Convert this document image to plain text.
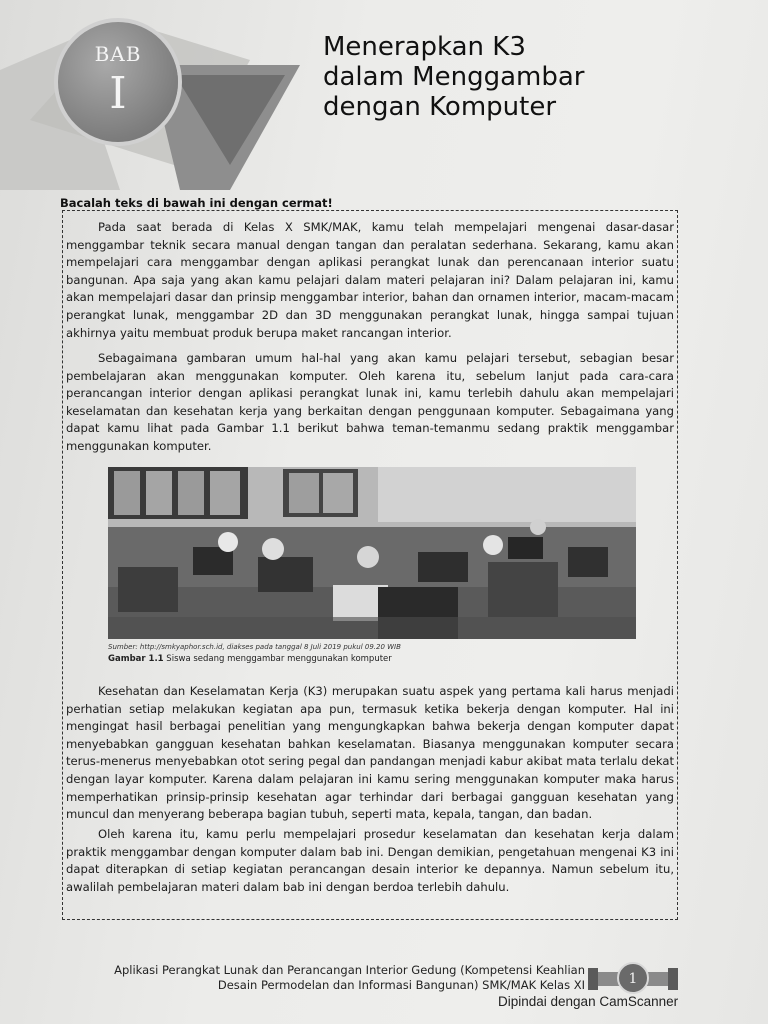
BAB
I
Menerapkan K3
dalam Menggambar
dengan Komputer
Bacalah teks di bawah ini dengan cermat!
Pada saat berada di Kelas X SMK/MAK, kamu telah mempelajari mengenai dasar-dasar menggambar teknik secara manual dengan tangan dan peralatan sederhana. Sekarang, kamu akan mempelajari cara menggambar dengan aplikasi perangkat lunak dan perencanaan interior suatu bangunan. Apa saja yang akan kamu pelajari dalam materi pelajaran ini? Dalam pelajaran ini, kamu akan mempelajari dasar dan prinsip menggambar interior, bahan dan ornamen interior, macam-macam perangkat lunak, menggambar 2D dan 3D menggunakan perangkat lunak, hingga sampai tujuan akhirnya yaitu membuat produk berupa maket rancangan interior.
Sebagaimana gambaran umum hal-hal yang akan kamu pelajari tersebut, sebagian besar pembelajaran akan menggunakan komputer. Oleh karena itu, sebelum lanjut pada cara-cara perancangan interior dengan aplikasi perangkat lunak ini, kamu terlebih dahulu akan mempelajari keselamatan dan kesehatan kerja yang berkaitan dengan penggunaan komputer. Sebagaimana yang dapat kamu lihat pada Gambar 1.1 berikut bahwa teman-temanmu sedang praktik menggambar menggunakan komputer.
Sumber: http://smkyaphor.sch.id, diakses pada tanggal 8 Juli 2019 pukul 09.20 WIB
Gambar 1.1 Siswa sedang menggambar menggunakan komputer
Kesehatan dan Keselamatan Kerja (K3) merupakan suatu aspek yang pertama kali harus menjadi perhatian setiap melakukan kegiatan apa pun, termasuk ketika bekerja dengan komputer. Hal ini mengingat hasil berbagai penelitian yang mengungkapkan bahwa bekerja dengan komputer dapat menyebabkan gangguan kesehatan bahkan keselamatan. Biasanya menggunakan komputer secara terus-menerus menyebabkan otot sering pegal dan pandangan menjadi kabur akibat mata terlalu dekat dengan layar komputer. Karena dalam pelajaran ini kamu sering menggunakan komputer maka harus memperhatikan prinsip-prinsip kesehatan agar terhindar dari berbagai gangguan kesehatan yang muncul dan menyerang beberapa bagian tubuh, seperti mata, kepala, tangan, dan badan.
Oleh karena itu, kamu perlu mempelajari prosedur keselamatan dan kesehatan kerja dalam praktik menggambar dengan komputer dalam bab ini. Dengan demikian, pengetahuan mengenai K3 ini dapat diterapkan di setiap kegiatan perancangan desain interior ke depannya. Namun sebelum itu, awalilah pembelajaran materi dalam bab ini dengan berdoa terlebih dahulu.
Aplikasi Perangkat Lunak dan Perancangan Interior Gedung (Kompetensi Keahlian
Desain Permodelan dan Informasi Bangunan) SMK/MAK Kelas XI	1
Dipindai dengan CamScanner
